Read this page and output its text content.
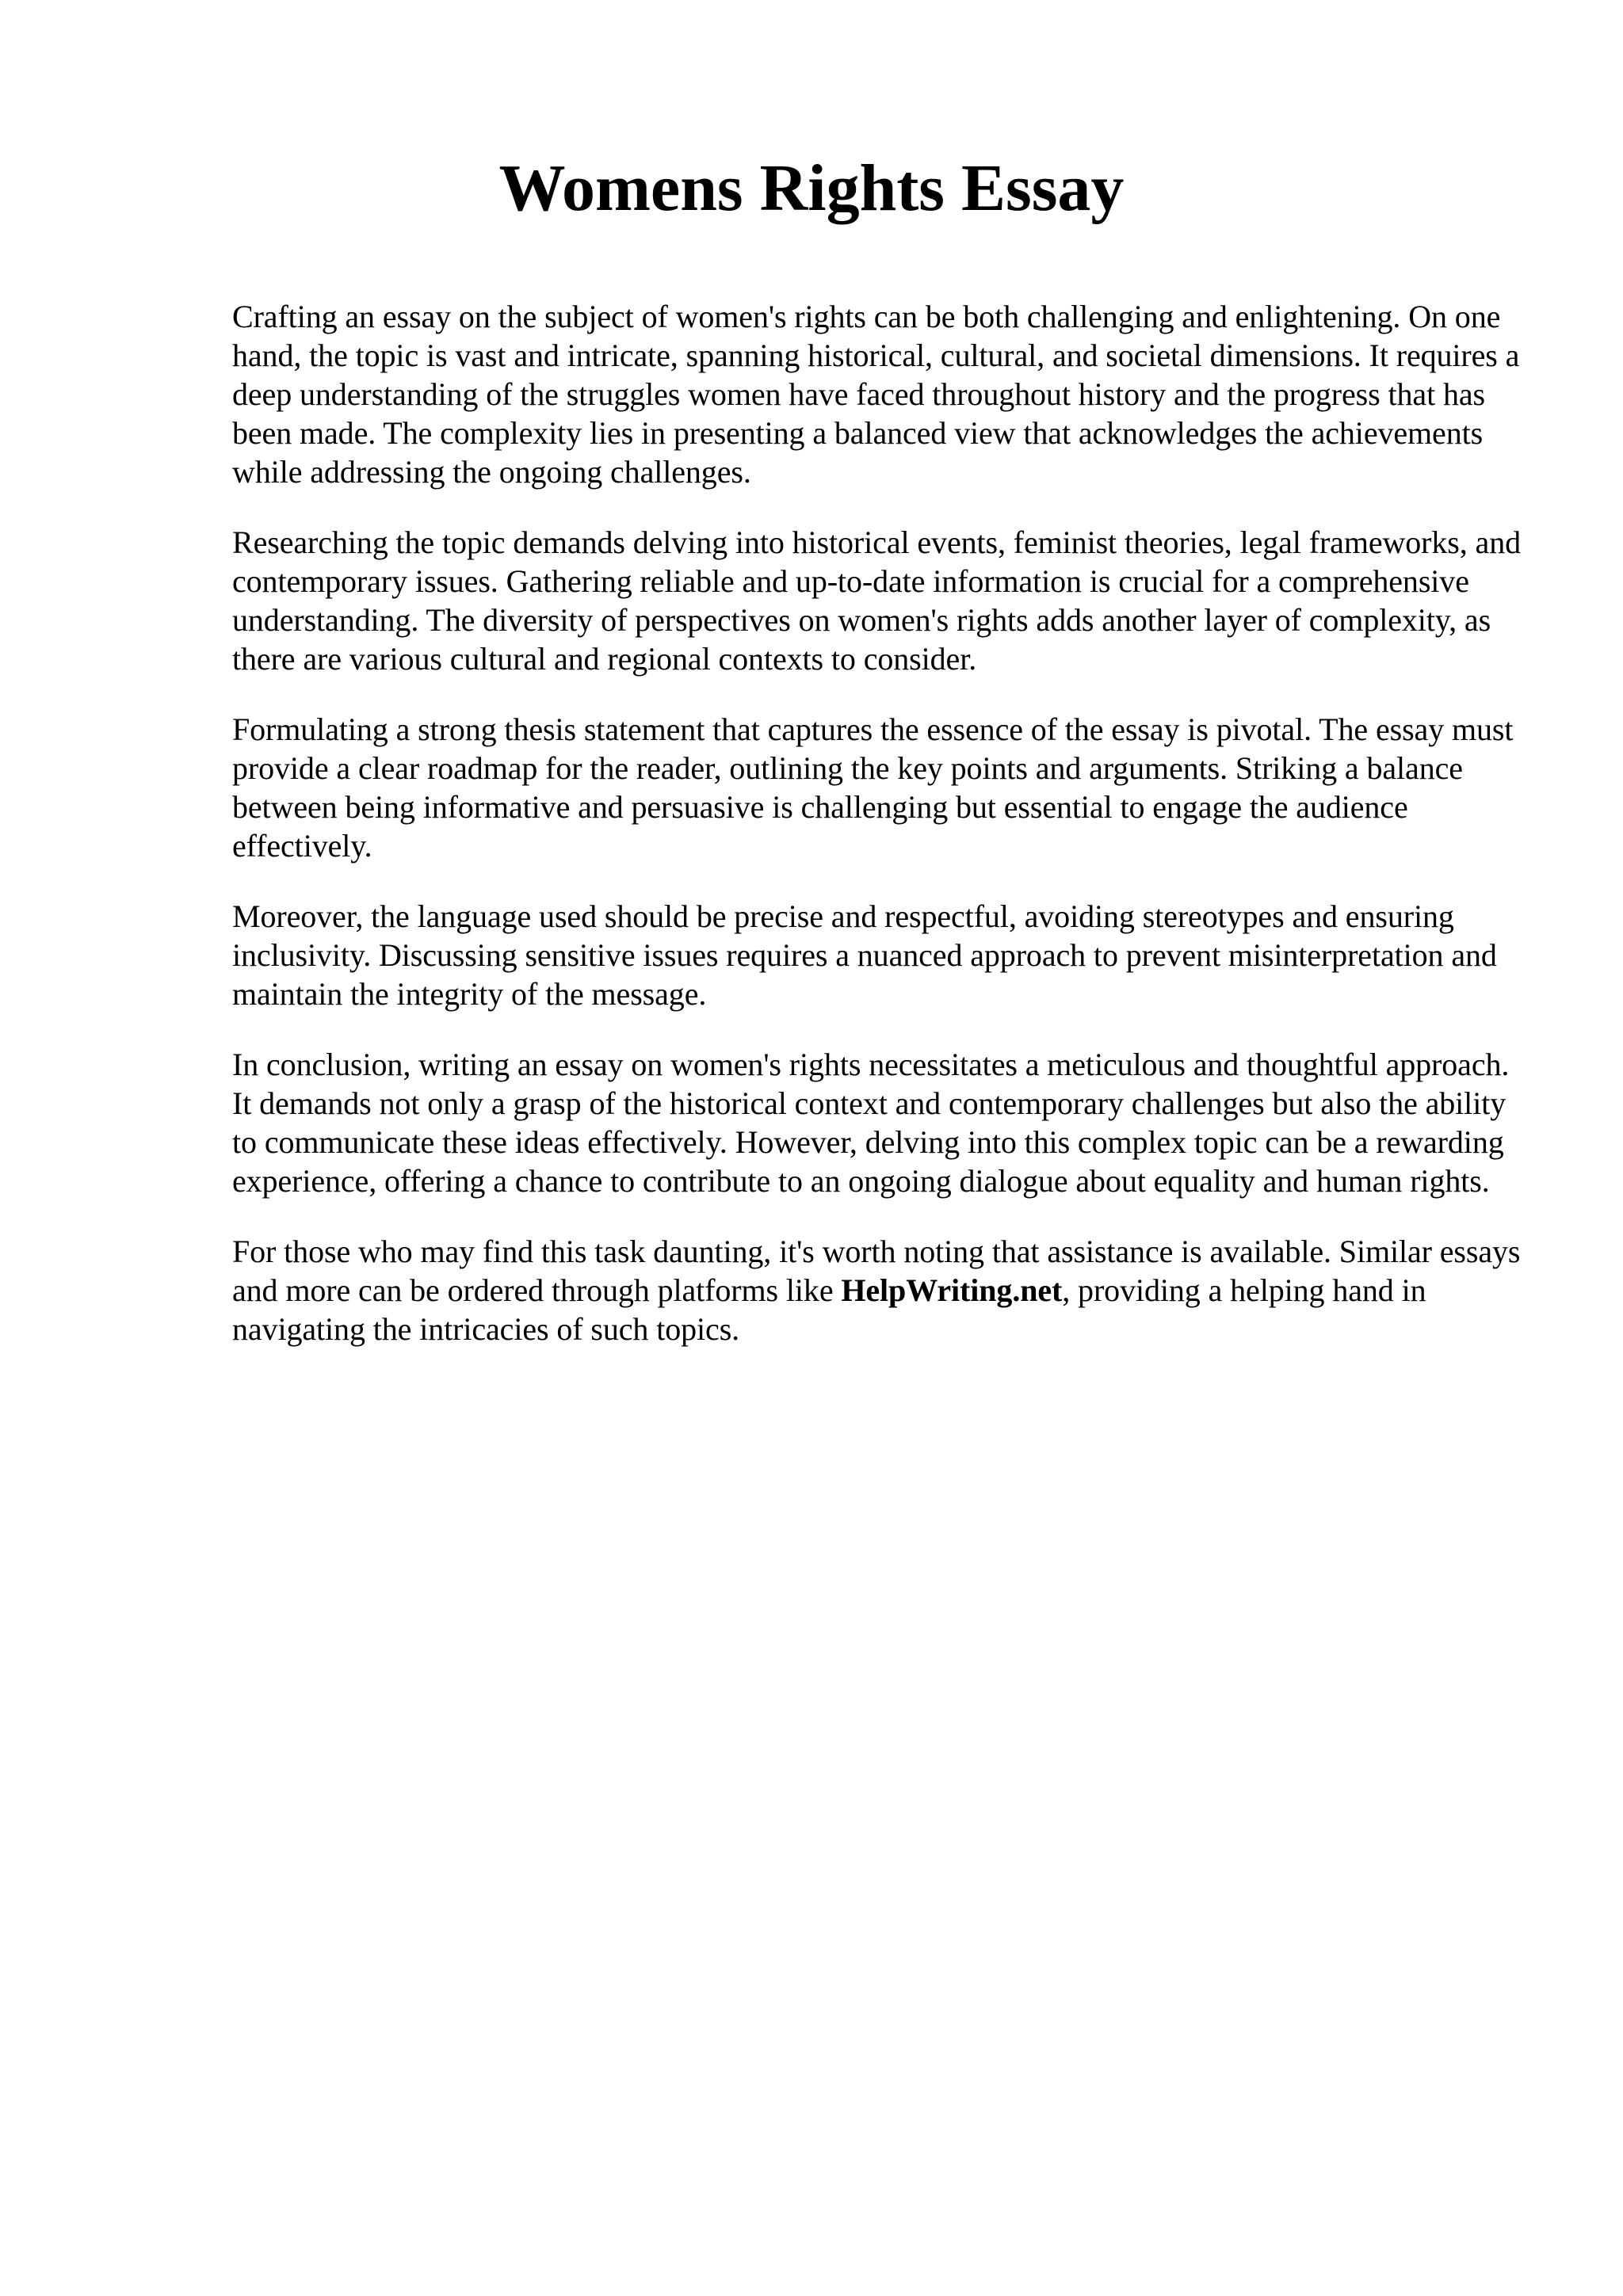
Womens Rights Essay

Crafting an essay on the subject of women's rights can be both challenging and enlightening. On one hand, the topic is vast and intricate, spanning historical, cultural, and societal dimensions. It requires a deep understanding of the struggles women have faced throughout history and the progress that has been made. The complexity lies in presenting a balanced view that acknowledges the achievements while addressing the ongoing challenges.

Researching the topic demands delving into historical events, feminist theories, legal frameworks, and contemporary issues. Gathering reliable and up-to-date information is crucial for a comprehensive understanding. The diversity of perspectives on women's rights adds another layer of complexity, as there are various cultural and regional contexts to consider.

Formulating a strong thesis statement that captures the essence of the essay is pivotal. The essay must provide a clear roadmap for the reader, outlining the key points and arguments. Striking a balance between being informative and persuasive is challenging but essential to engage the audience effectively.

Moreover, the language used should be precise and respectful, avoiding stereotypes and ensuring inclusivity. Discussing sensitive issues requires a nuanced approach to prevent misinterpretation and maintain the integrity of the message.

In conclusion, writing an essay on women's rights necessitates a meticulous and thoughtful approach. It demands not only a grasp of the historical context and contemporary challenges but also the ability to communicate these ideas effectively. However, delving into this complex topic can be a rewarding experience, offering a chance to contribute to an ongoing dialogue about equality and human rights.

For those who may find this task daunting, it's worth noting that assistance is available. Similar essays and more can be ordered through platforms like HelpWriting.net, providing a helping hand in navigating the intricacies of such topics.
